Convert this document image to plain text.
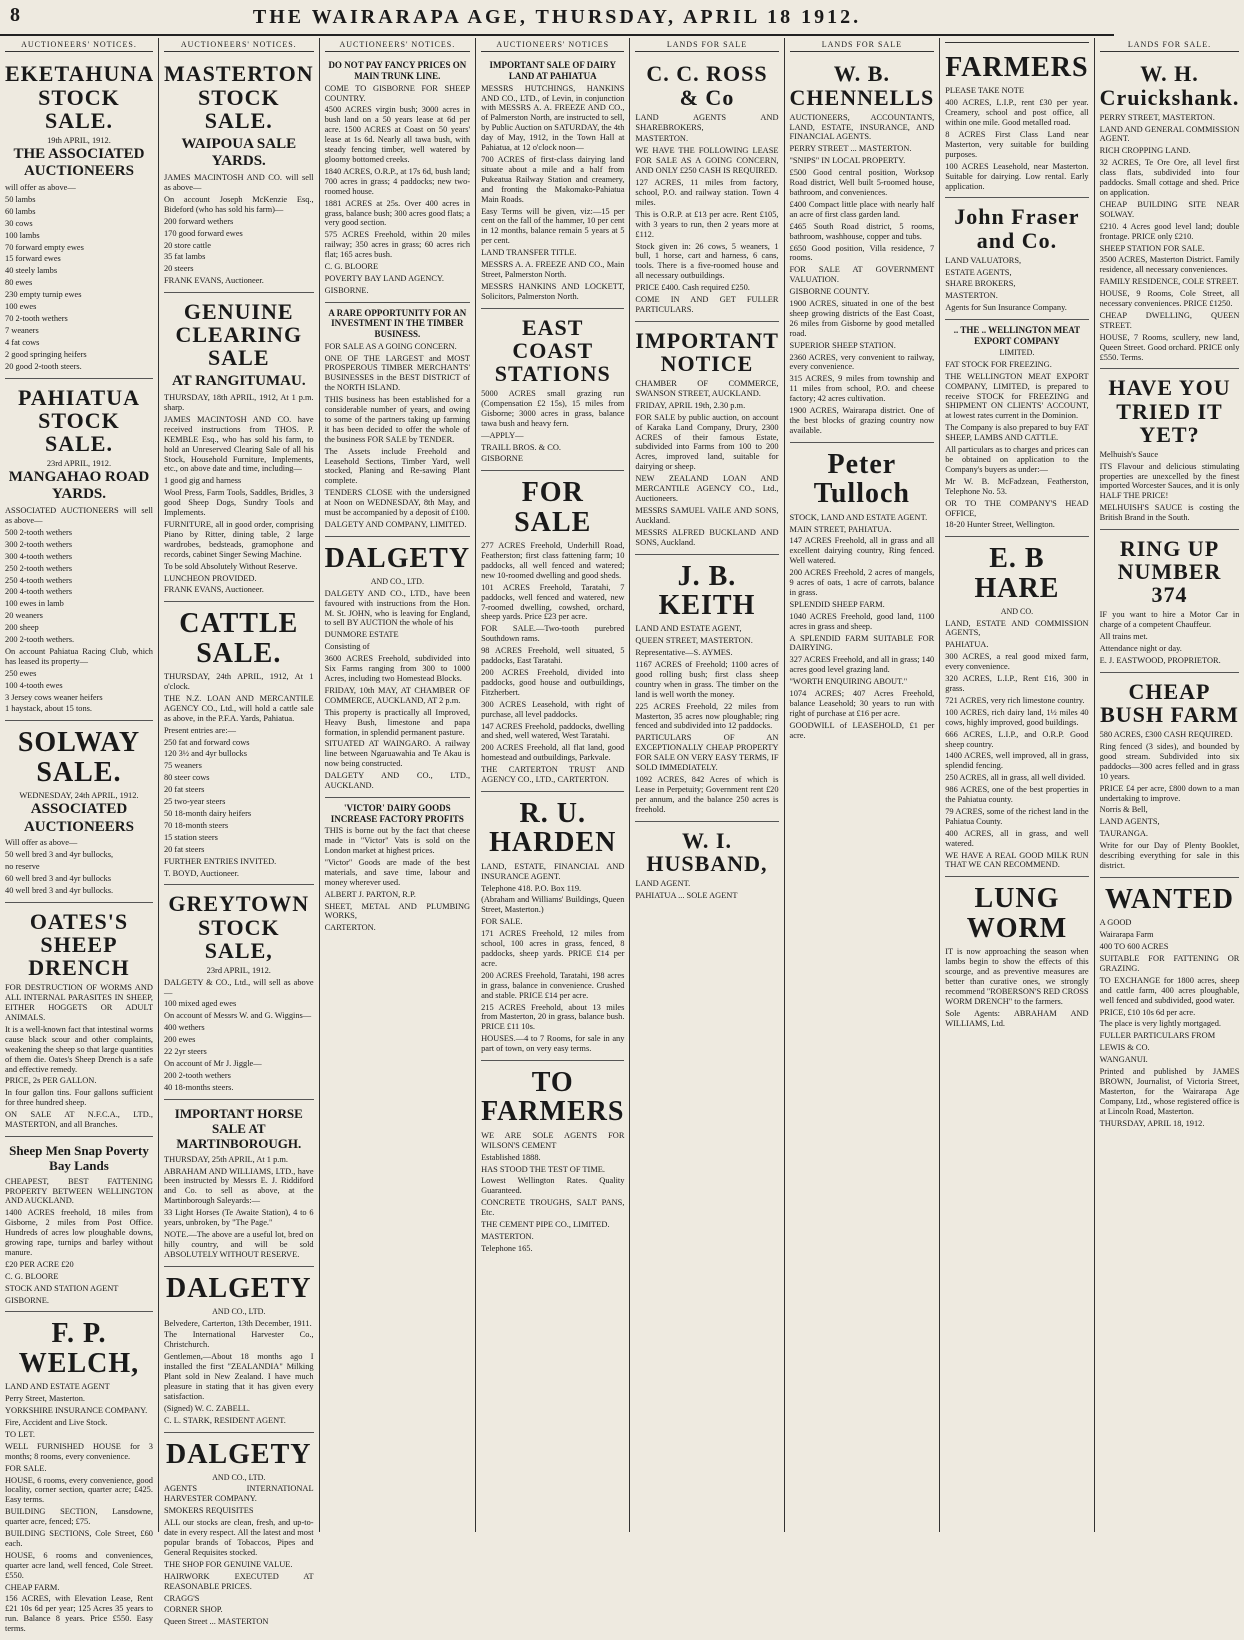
8	THE WAIRARAPA AGE, THURSDAY, APRIL 18 1912.
AUCTIONEERS' NOTICES.
EKETAHUNA STOCK SALE.
19th APRIL, 1912.
THE ASSOCIATED AUCTIONEERS
will offer as above—
50 lambs
60 lambs
30 cows
100 lambs
70 forward empty ewes
15 forward ewes
40 steely lambs
80 ewes
230 empty turnip ewes
100 ewes
70 2-tooth wethers
7 weaners
4 fat cows
2 good springing heifers
20 good 2-tooth steers.
PAHIATUA STOCK SALE.
23rd APRIL, 1912.
MANGAHAO ROAD YARDS.
ASSOCIATED AUCTIONEERS will sell as above—
500 2-tooth wethers
300 2-tooth wethers
300 4-tooth wethers
250 2-tooth wethers
250 4-tooth wethers
200 4-tooth wethers
100 ewes in lamb
20 weaners
200 sheep
200 2-tooth wethers.
On account Pahiatua Racing Club, which has leased its property—
250 ewes
100 4-tooth ewes
3 Jersey cows weaner heifers
1 haystack, about 15 tons.
SOLWAY SALE.
WEDNESDAY, 24th APRIL, 1912.
ASSOCIATED AUCTIONEERS
Will offer as above—
50 well bred 3 and 4yr bullocks,
no reserve
60 well bred 3 and 4yr bullocks
40 well bred 3 and 4yr bullocks.
OATES'S SHEEP DRENCH
FOR DESTRUCTION OF WORMS AND ALL INTERNAL PARASITES IN SHEEP, EITHER HOGGETS OR ADULT ANIMALS.
It is a well-known fact that intestinal worms cause black scour and other complaints, weakening the sheep so that large quantities of them die. Oates's Sheep Drench is a safe and effective remedy.
PRICE, 2s PER GALLON.
In four gallon tins. Four gallons sufficient for three hundred sheep.
ON SALE AT N.F.C.A., LTD., MASTERTON, and all Branches.
Sheep Men Snap Poverty Bay Lands
CHEAPEST, BEST FATTENING PROPERTY BETWEEN WELLINGTON AND AUCKLAND.
1400 ACRES freehold, 18 miles from Gisborne, 2 miles from Post Office. Hundreds of acres low ploughable downs, growing rape, turnips and barley without manure.
£20 PER ACRE £20
C. G. BLOORE
STOCK AND STATION AGENT
GISBORNE.
F. P. WELCH,
LAND AND ESTATE AGENT
Perry Street, Masterton.
YORKSHIRE INSURANCE COMPANY.
Fire, Accident and Live Stock.
TO LET.
WELL FURNISHED HOUSE for 3 months; 8 rooms, every convenience.
FOR SALE.
HOUSE, 6 rooms, every convenience, good locality, corner section, quarter acre; £425. Easy terms.
BUILDING SECTION, Lansdowne, quarter acre, fenced; £75.
BUILDING SECTIONS, Cole Street, £60 each.
HOUSE, 6 rooms and conveniences, quarter acre land, well fenced, Cole Street. £550.
CHEAP FARM.
156 ACRES, with Elevation Lease, Rent £21 10s 6d per year; 125 Acres 35 years to run. Balance 8 years. Price £550. Easy terms.
AUCTIONEERS' NOTICES.
MASTERTON STOCK SALE.
WAIPOUA SALE YARDS.
JAMES MACINTOSH AND CO. will sell as above—
On account Joseph McKenzie Esq., Bideford (who has sold his farm)—
200 forward wethers
170 good forward ewes
20 store cattle
35 fat lambs
20 steers
FRANK EVANS, Auctioneer.
GENUINE CLEARING SALE
AT RANGITUMAU.
THURSDAY, 18th APRIL, 1912, At 1 p.m. sharp.
JAMES MACINTOSH AND CO. have received instructions from THOS. P. KEMBLE Esq., who has sold his farm, to hold an Unreserved Clearing Sale of all his Stock, Household Furniture, Implements, etc., on above date and time, including—
1 good gig and harness
Wool Press, Farm Tools, Saddles, Bridles, 3 good Sheep Dogs, Sundry Tools and Implements.
FURNITURE, all in good order, comprising Piano by Ritter, dining table, 2 large wardrobes, bedsteads, gramophone and records, cabinet Singer Sewing Machine.
To be sold Absolutely Without Reserve.
LUNCHEON PROVIDED.
FRANK EVANS, Auctioneer.
CATTLE SALE.
THURSDAY, 24th APRIL, 1912, At 1 o'clock.
THE N.Z. LOAN AND MERCANTILE AGENCY CO., Ltd., will hold a cattle sale as above, in the P.F.A. Yards, Pahiatua.
Present entries are:—
250 fat and forward cows
120 3½ and 4yr bullocks
75 weaners
80 steer cows
20 fat steers
25 two-year steers
50 18-month dairy heifers
70 18-month steers
15 station steers
20 fat steers
FURTHER ENTRIES INVITED.
T. BOYD, Auctioneer.
GREYTOWN STOCK SALE,
23rd APRIL, 1912.
DALGETY & CO., Ltd., will sell as above—
100 mixed aged ewes
On account of Messrs W. and G. Wiggins—
400 wethers
200 ewes
22 2yr steers
On account of Mr J. Jiggle—
200 2-tooth wethers
40 18-months steers.
IMPORTANT HORSE SALE AT MARTINBOROUGH.
THURSDAY, 25th APRIL, At 1 p.m.
ABRAHAM AND WILLIAMS, LTD., have been instructed by Messrs E. J. Riddiford and Co. to sell as above, at the Martinborough Saleyards:—
33 Light Horses (Te Awaite Station), 4 to 6 years, unbroken, by "The Page."
NOTE.—The above are a useful lot, bred on hilly country, and will be sold ABSOLUTELY WITHOUT RESERVE.
DALGETY
AND CO., LTD.
Belvedere, Carterton, 13th December, 1911.
The International Harvester Co., Christchurch.
Gentlemen,—About 18 months ago I installed the first "ZEALANDIA" Milking Plant sold in New Zealand. I have much pleasure in stating that it has given every satisfaction.
(Signed) W. C. ZABELL.
C. L. STARK, RESIDENT AGENT.
DALGETY
AND CO., LTD.
AGENTS INTERNATIONAL HARVESTER COMPANY.
SMOKERS REQUISITES
ALL our stocks are clean, fresh, and up-to-date in every respect. All the latest and most popular brands of Tobaccos, Pipes and General Requisites stocked.
THE SHOP FOR GENUINE VALUE.
HAIRWORK EXECUTED AT REASONABLE PRICES.
CRAGG'S
CORNER SHOP.
Queen Street ... MASTERTON
AUCTIONEERS' NOTICES.
DO NOT PAY FANCY PRICES ON MAIN TRUNK LINE.
COME TO GISBORNE FOR SHEEP COUNTRY.
4500 ACRES virgin bush; 3000 acres in bush land on a 50 years lease at 6d per acre. 1500 ACRES at Coast on 50 years' lease at 1s 6d. Nearly all tawa bush, with steady fencing timber, well watered by gloomy bottomed creeks.
1840 ACRES, O.R.P., at 17s 6d, bush land; 700 acres in grass; 4 paddocks; new two-roomed house.
1881 ACRES at 25s. Over 400 acres in grass, balance bush; 300 acres good flats; a very good section.
575 ACRES Freehold, within 20 miles railway; 350 acres in grass; 60 acres rich flat; 165 acres bush.
C. G. BLOORE
POVERTY BAY LAND AGENCY.
GISBORNE.
A RARE OPPORTUNITY FOR AN INVESTMENT IN THE TIMBER BUSINESS.
FOR SALE AS A GOING CONCERN.
ONE OF THE LARGEST and MOST PROSPEROUS TIMBER MERCHANTS' BUSINESSES in the BEST DISTRICT of the NORTH ISLAND.
THIS business has been established for a considerable number of years, and owing to some of the partners taking up farming it has been decided to offer the whole of the business FOR SALE by TENDER.
The Assets include Freehold and Leasehold Sections, Timber Yard, well stocked, Planing and Re-sawing Plant complete.
TENDERS CLOSE with the undersigned at Noon on WEDNESDAY, 8th May, and must be accompanied by a deposit of £100.
DALGETY AND COMPANY, LIMITED.
DALGETY
AND CO., LTD.
DALGETY AND CO., LTD., have been favoured with instructions from the Hon. M. St. JOHN, who is leaving for England, to sell BY AUCTION the whole of his
DUNMORE ESTATE
Consisting of
3600 ACRES Freehold, subdivided into Six Farms ranging from 300 to 1000 Acres, including two Homestead Blocks.
FRIDAY, 10th MAY, AT CHAMBER OF COMMERCE, AUCKLAND, AT 2 p.m.
This property is practically all Improved, Heavy Bush, limestone and papa formation, in splendid permanent pasture.
SITUATED AT WAINGARO. A railway line between Ngaruawahia and Te Akau is now being constructed.
DALGETY AND CO., LTD., AUCKLAND.
'VICTOR' DAIRY GOODS INCREASE FACTORY PROFITS
THIS is borne out by the fact that cheese made in "Victor" Vats is sold on the London market at highest prices.
"Victor" Goods are made of the best materials, and save time, labour and money wherever used.
ALBERT J. PARTON, R.P.
SHEET, METAL AND PLUMBING WORKS,
CARTERTON.
AUCTIONEERS' NOTICES
IMPORTANT SALE OF DAIRY LAND AT PAHIATUA
MESSRS HUTCHINGS, HANKINS AND CO., LTD., of Levin, in conjunction with MESSRS A. A. FREEZE AND CO., of Palmerston North, are instructed to sell, by Public Auction on SATURDAY, the 4th day of May, 1912, in the Town Hall at Pahiatua, at 12 o'clock noon—
700 ACRES of first-class dairying land situate about a mile and a half from Pukeatua Railway Station and creamery, and fronting the Makomako-Pahiatua Main Roads.
Easy Terms will be given, viz:—15 per cent on the fall of the hammer, 10 per cent in 12 months, balance remain 5 years at 5 per cent.
LAND TRANSFER TITLE.
MESSRS A. A. FREEZE AND CO., Main Street, Palmerston North.
MESSRS HANKINS AND LOCKETT, Solicitors, Palmerston North.
EAST COAST STATIONS
5000 ACRES small grazing run (Compensation £2 15s), 15 miles from Gisborne; 3000 acres in grass, balance tawa bush and heavy fern.
—APPLY—
TRAILL BROS. & CO.
GISBORNE
FOR SALE
277 ACRES Freehold, Underhill Road, Featherston; first class fattening farm; 10 paddocks, all well fenced and watered; new 10-roomed dwelling and good sheds.
101 ACRES Freehold, Taratahi, 7 paddocks, well fenced and watered, new 7-roomed dwelling, cowshed, orchard, sheep yards. Price £23 per acre.
FOR SALE.—Two-tooth purebred Southdown rams.
98 ACRES Freehold, well situated, 5 paddocks, East Taratahi.
200 ACRES Freehold, divided into paddocks, good house and outbuildings, Fitzherbert.
300 ACRES Leasehold, with right of purchase, all level paddocks.
147 ACRES Freehold, paddocks, dwelling and shed, well watered, West Taratahi.
200 ACRES Freehold, all flat land, good homestead and outbuildings, Parkvale.
THE CARTERTON TRUST AND AGENCY CO., LTD., CARTERTON.
R. U. HARDEN
LAND, ESTATE, FINANCIAL AND INSURANCE AGENT.
Telephone 418. P.O. Box 119.
(Abraham and Williams' Buildings, Queen Street, Masterton.)
FOR SALE.
171 ACRES Freehold, 12 miles from school, 100 acres in grass, fenced, 8 paddocks, sheep yards. PRICE £14 per acre.
200 ACRES Freehold, Taratahi, 198 acres in grass, balance in convenience. Crushed and stable. PRICE £14 per acre.
215 ACRES Freehold, about 13 miles from Masterton, 20 in grass, balance bush. PRICE £11 10s.
HOUSES.—4 to 7 Rooms, for sale in any part of town, on very easy terms.
TO FARMERS
WE ARE SOLE AGENTS FOR WILSON'S CEMENT
Established 1888.
HAS STOOD THE TEST OF TIME.
Lowest Wellington Rates. Quality Guaranteed.
CONCRETE TROUGHS, SALT PANS, Etc.
THE CEMENT PIPE CO., LIMITED.
MASTERTON.
Telephone 165.
LANDS FOR SALE
C. C. ROSS & Co
LAND AGENTS AND SHAREBROKERS,
MASTERTON.
WE HAVE THE FOLLOWING LEASE FOR SALE AS A GOING CONCERN, AND ONLY £250 CASH IS REQUIRED.
127 ACRES, 11 miles from factory, school, P.O. and railway station. Town 4 miles.
This is O.R.P. at £13 per acre. Rent £105, with 3 years to run, then 2 years more at £112.
Stock given in: 26 cows, 5 weaners, 1 bull, 1 horse, cart and harness, 6 cans, tools. There is a five-roomed house and all necessary outbuildings.
PRICE £400. Cash required £250.
COME IN AND GET FULLER PARTICULARS.
IMPORTANT NOTICE
CHAMBER OF COMMERCE, SWANSON STREET, AUCKLAND.
FRIDAY, APRIL 19th, 2.30 p.m.
FOR SALE by public auction, on account of Karaka Land Company, Drury, 2300 ACRES of their famous Estate, subdivided into Farms from 100 to 200 Acres, improved land, suitable for dairying or sheep.
NEW ZEALAND LOAN AND MERCANTILE AGENCY CO., Ltd., Auctioneers.
MESSRS SAMUEL VAILE AND SONS, Auckland.
MESSRS ALFRED BUCKLAND AND SONS, Auckland.
J. B. KEITH
LAND AND ESTATE AGENT,
QUEEN STREET, MASTERTON.
Representative—S. AYMES.
1167 ACRES of Freehold; 1100 acres of good rolling bush; first class sheep country when in grass. The timber on the land is well worth the money.
225 ACRES Freehold, 22 miles from Masterton, 35 acres now ploughable; ring fenced and subdivided into 12 paddocks.
PARTICULARS OF AN EXCEPTIONALLY CHEAP PROPERTY FOR SALE ON VERY EASY TERMS, IF SOLD IMMEDIATELY.
1092 ACRES, 842 Acres of which is Lease in Perpetuity; Government rent £20 per annum, and the balance 250 acres is freehold.
W. I. HUSBAND,
LAND AGENT.
PAHIATUA ... SOLE AGENT
LANDS FOR SALE
W. B. CHENNELLS
AUCTIONEERS, ACCOUNTANTS, LAND, ESTATE, INSURANCE, AND FINANCIAL AGENTS.
PERRY STREET ... MASTERTON.
"SNIPS" IN LOCAL PROPERTY.
£500 Good central position, Worksop Road district, Well built 5-roomed house, bathroom, and conveniences.
£400 Compact little place with nearly half an acre of first class garden land.
£465 South Road district, 5 rooms, bathroom, washhouse, copper and tubs.
£650 Good position, Villa residence, 7 rooms.
FOR SALE AT GOVERNMENT VALUATION.
GISBORNE COUNTY.
1900 ACRES, situated in one of the best sheep growing districts of the East Coast, 26 miles from Gisborne by good metalled road.
SUPERIOR SHEEP STATION.
2360 ACRES, very convenient to railway, every convenience.
315 ACRES, 9 miles from township and 11 miles from school, P.O. and cheese factory; 42 acres cultivation.
1900 ACRES, Wairarapa district. One of the best blocks of grazing country now available.
Peter Tulloch
STOCK, LAND AND ESTATE AGENT.
MAIN STREET, PAHIATUA.
147 ACRES Freehold, all in grass and all excellent dairying country, Ring fenced. Well watered.
200 ACRES Freehold, 2 acres of mangels, 9 acres of oats, 1 acre of carrots, balance in grass.
SPLENDID SHEEP FARM.
1040 ACRES Freehold, good land, 1100 acres in grass and sheep.
A SPLENDID FARM SUITABLE FOR DAIRYING.
327 ACRES Freehold, and all in grass; 140 acres good level grazing land.
"WORTH ENQUIRING ABOUT."
1074 ACRES; 407 Acres Freehold, balance Leasehold; 30 years to run with right of purchase at £16 per acre.
GOODWILL of LEASEHOLD, £1 per acre.
FARMERS
PLEASE TAKE NOTE
400 ACRES, L.I.P., rent £30 per year. Creamery, school and post office, all within one mile. Good metalled road.
8 ACRES First Class Land near Masterton, very suitable for building purposes.
100 ACRES Leasehold, near Masterton. Suitable for dairying. Low rental. Early application.
John Fraser and Co.
LAND VALUATORS,
ESTATE AGENTS,
SHARE BROKERS,
MASTERTON.
Agents for Sun Insurance Company.
.. THE .. WELLINGTON MEAT EXPORT COMPANY
LIMITED.
FAT STOCK FOR FREEZING.
THE WELLINGTON MEAT EXPORT COMPANY, LIMITED, is prepared to receive STOCK for FREEZING and SHIPMENT ON CLIENTS' ACCOUNT, at lowest rates current in the Dominion.
The Company is also prepared to buy FAT SHEEP, LAMBS AND CATTLE.
All particulars as to charges and prices can be obtained on application to the Company's buyers as under:—
Mr W. B. McFadzean, Featherston, Telephone No. 53.
OR TO THE COMPANY'S HEAD OFFICE,
18-20 Hunter Street, Wellington.
E. B HARE
AND CO.
LAND, ESTATE AND COMMISSION AGENTS,
PAHIATUA.
300 ACRES, a real good mixed farm, every convenience.
320 ACRES, L.I.P., Rent £16, 300 in grass.
721 ACRES, very rich limestone country.
100 ACRES, rich dairy land, 1½ miles 40 cows, highly improved, good buildings.
666 ACRES, L.I.P., and O.R.P. Good sheep country.
1400 ACRES, well improved, all in grass, splendid fencing.
250 ACRES, all in grass, all well divided.
986 ACRES, one of the best properties in the Pahiatua county.
79 ACRES, some of the richest land in the Pahiatua County.
400 ACRES, all in grass, and well watered.
WE HAVE A REAL GOOD MILK RUN THAT WE CAN RECOMMEND.
LUNG WORM
IT is now approaching the season when lambs begin to show the effects of this scourge, and as preventive measures are better than curative ones, we strongly recommend "ROBERSON'S RED CROSS WORM DRENCH" to the farmers.
Sole Agents: ABRAHAM AND WILLIAMS, Ltd.
LANDS FOR SALE.
W. H. Cruickshank.
PERRY STREET, MASTERTON.
LAND AND GENERAL COMMISSION AGENT.
RICH CROPPING LAND.
32 ACRES, Te Ore Ore, all level first class flats, subdivided into four paddocks. Small cottage and shed. Price on application.
CHEAP BUILDING SITE NEAR SOLWAY.
£210. 4 Acres good level land; double frontage. PRICE only £210.
SHEEP STATION FOR SALE.
3500 ACRES, Masterton District. Family residence, all necessary conveniences.
FAMILY RESIDENCE, COLE STREET.
HOUSE, 9 Rooms, Cole Street, all necessary conveniences. PRICE £1250.
CHEAP DWELLING, QUEEN STREET.
HOUSE, 7 Rooms, scullery, new land, Queen Street. Good orchard. PRICE only £550. Terms.
HAVE YOU TRIED IT YET?
Melhuish's Sauce
ITS Flavour and delicious stimulating properties are unexcelled by the finest imported Worcester Sauces, and it is only HALF THE PRICE!
MELHUISH'S SAUCE is costing the British Brand in the South.
RING UP NUMBER 374
IF you want to hire a Motor Car in charge of a competent Chauffeur.
All trains met.
Attendance night or day.
E. J. EASTWOOD, PROPRIETOR.
CHEAP BUSH FARM
580 ACRES, £300 CASH REQUIRED.
Ring fenced (3 sides), and bounded by good stream. Subdivided into six paddocks—300 acres felled and in grass 10 years.
PRICE £4 per acre, £800 down to a man undertaking to improve.
Norris & Bell,
LAND AGENTS,
TAURANGA.
Write for our Day of Plenty Booklet, describing everything for sale in this district.
WANTED
A GOOD
Wairarapa Farm
400 TO 600 ACRES
SUITABLE FOR FATTENING OR GRAZING.
TO EXCHANGE for 1800 acres, sheep and cattle farm, 400 acres ploughable, well fenced and subdivided, good water.
PRICE, £10 10s 6d per acre.
The place is very lightly mortgaged.
FULLER PARTICULARS FROM
LEWIS & CO.
WANGANUI.
Printed and published by JAMES BROWN, Journalist, of Victoria Street, Masterton, for the Wairarapa Age Company, Ltd., whose registered office is at Lincoln Road, Masterton.
THURSDAY, APRIL 18, 1912.
